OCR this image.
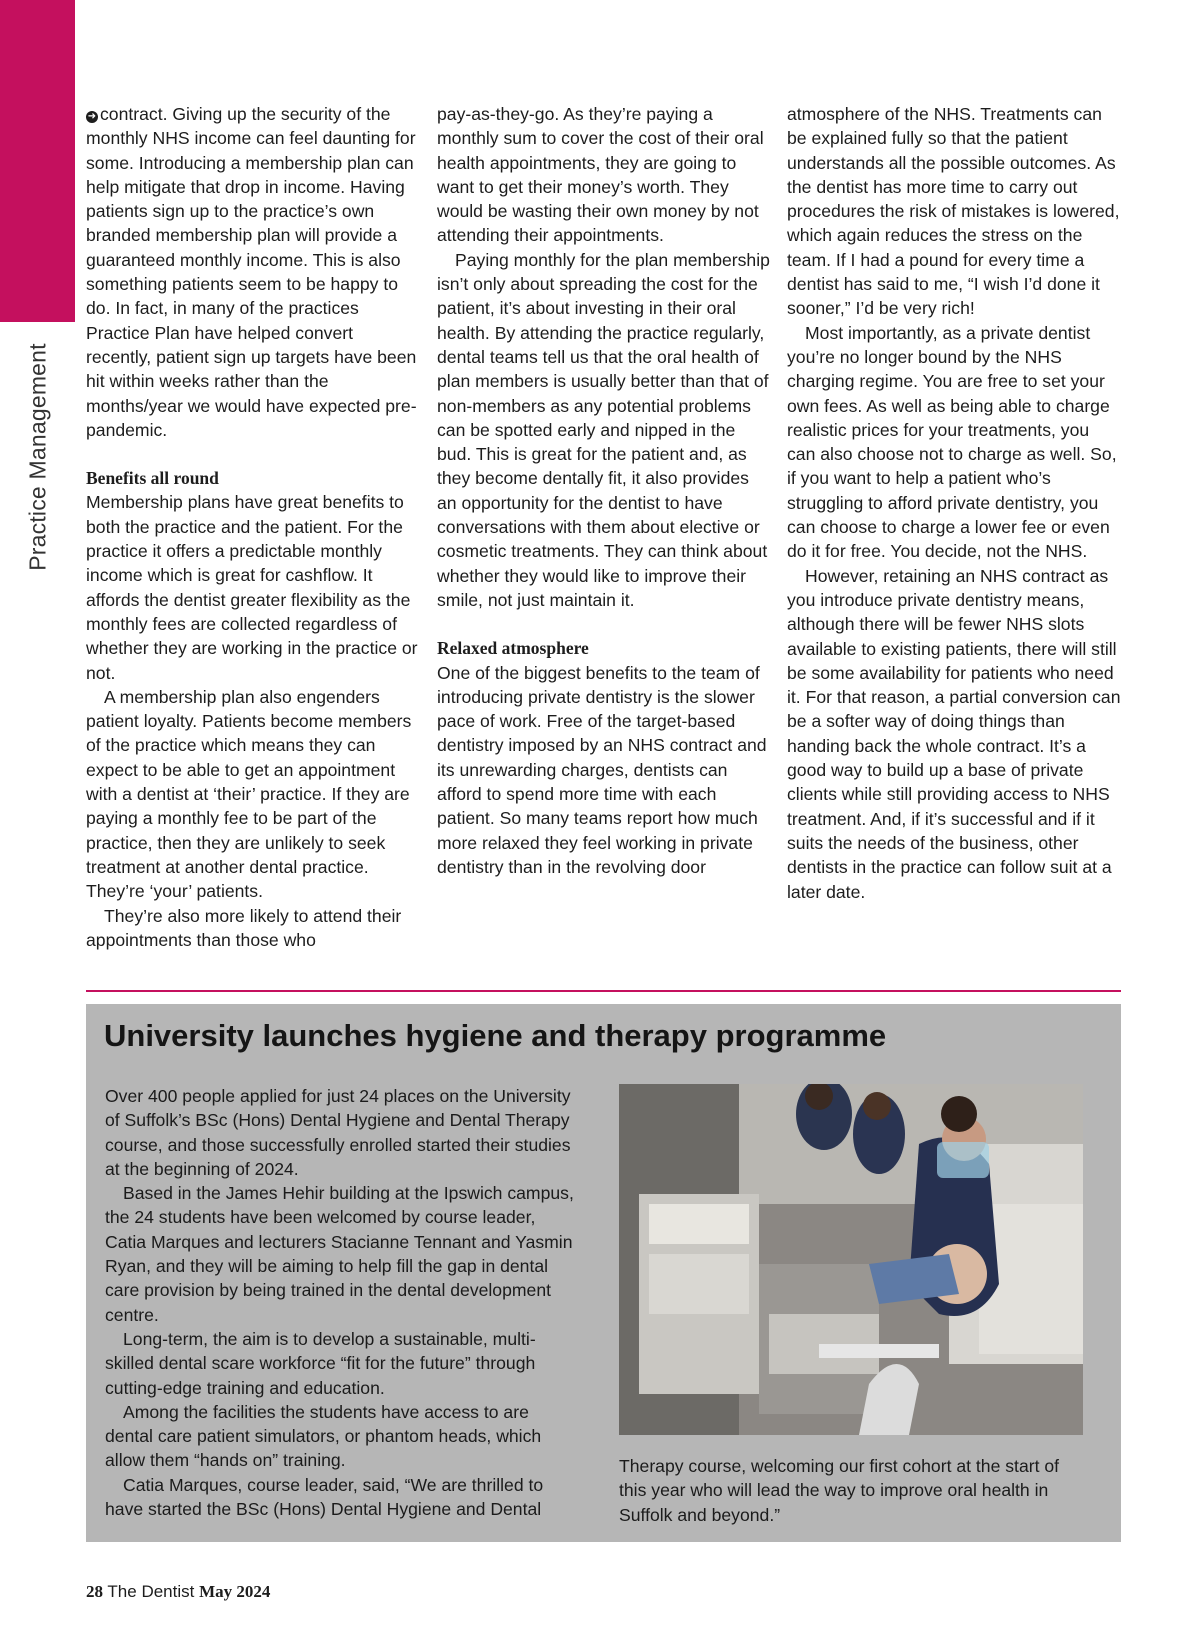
Practice Management

➜ contract. Giving up the security of the monthly NHS income can feel daunting for some. Introducing a membership plan can help mitigate that drop in income. Having patients sign up to the practice’s own branded membership plan will provide a guaranteed monthly income. This is also something patients seem to be happy to do. In fact, in many of the practices Practice Plan have helped convert recently, patient sign up targets have been hit within weeks rather than the months/year we would have expected pre-pandemic.

Benefits all round

Membership plans have great benefits to both the practice and the patient. For the practice it offers a predictable monthly income which is great for cashflow. It affords the dentist greater flexibility as the monthly fees are collected regardless of whether they are working in the practice or not.

A membership plan also engenders patient loyalty. Patients become members of the practice which means they can expect to be able to get an appointment with a dentist at ‘their’ practice. If they are paying a monthly fee to be part of the practice, then they are unlikely to seek treatment at another dental practice. They’re ‘your’ patients.

They’re also more likely to attend their appointments than those who

pay-as-they-go. As they’re paying a monthly sum to cover the cost of their oral health appointments, they are going to want to get their money’s worth. They would be wasting their own money by not attending their appointments.

Paying monthly for the plan membership isn’t only about spreading the cost for the patient, it’s about investing in their oral health. By attending the practice regularly, dental teams tell us that the oral health of plan members is usually better than that of non-members as any potential problems can be spotted early and nipped in the bud. This is great for the patient and, as they become dentally fit, it also provides an opportunity for the dentist to have conversations with them about elective or cosmetic treatments. They can think about whether they would like to improve their smile, not just maintain it.

Relaxed atmosphere

One of the biggest benefits to the team of introducing private dentistry is the slower pace of work. Free of the target-based dentistry imposed by an NHS contract and its unrewarding charges, dentists can afford to spend more time with each patient. So many teams report how much more relaxed they feel working in private dentistry than in the revolving door

atmosphere of the NHS. Treatments can be explained fully so that the patient understands all the possible outcomes. As the dentist has more time to carry out procedures the risk of mistakes is lowered, which again reduces the stress on the team. If I had a pound for every time a dentist has said to me, “I wish I’d done it sooner,” I’d be very rich!

Most importantly, as a private dentist you’re no longer bound by the NHS charging regime. You are free to set your own fees. As well as being able to charge realistic prices for your treatments, you can also choose not to charge as well. So, if you want to help a patient who’s struggling to afford private dentistry, you can choose to charge a lower fee or even do it for free. You decide, not the NHS.

However, retaining an NHS contract as you introduce private dentistry means, although there will be fewer NHS slots available to existing patients, there will still be some availability for patients who need it. For that reason, a partial conversion can be a softer way of doing things than handing back the whole contract. It’s a good way to build up a base of private clients while still providing access to NHS treatment. And, if it’s successful and if it suits the needs of the business, other dentists in the practice can follow suit at a later date.

University launches hygiene and therapy programme

Over 400 people applied for just 24 places on the University of Suffolk’s BSc (Hons) Dental Hygiene and Dental Therapy course, and those successfully enrolled started their studies at the beginning of 2024.

Based in the James Hehir building at the Ipswich campus, the 24 students have been welcomed by course leader, Catia Marques and lecturers Stacianne Tennant and Yasmin Ryan, and they will be aiming to help fill the gap in dental care provision by being trained in the dental development centre.

Long-term, the aim is to develop a sustainable, multi-skilled dental scare workforce “fit for the future” through cutting-edge training and education.

Among the facilities the students have access to are dental care patient simulators, or phantom heads, which allow them “hands on” training.

Catia Marques, course leader, said, “We are thrilled to have started the BSc (Hons) Dental Hygiene and Dental

Therapy course, welcoming our first cohort at the start of this year who will lead the way to improve oral health in Suffolk and beyond.”
28 The Dentist May 2024
